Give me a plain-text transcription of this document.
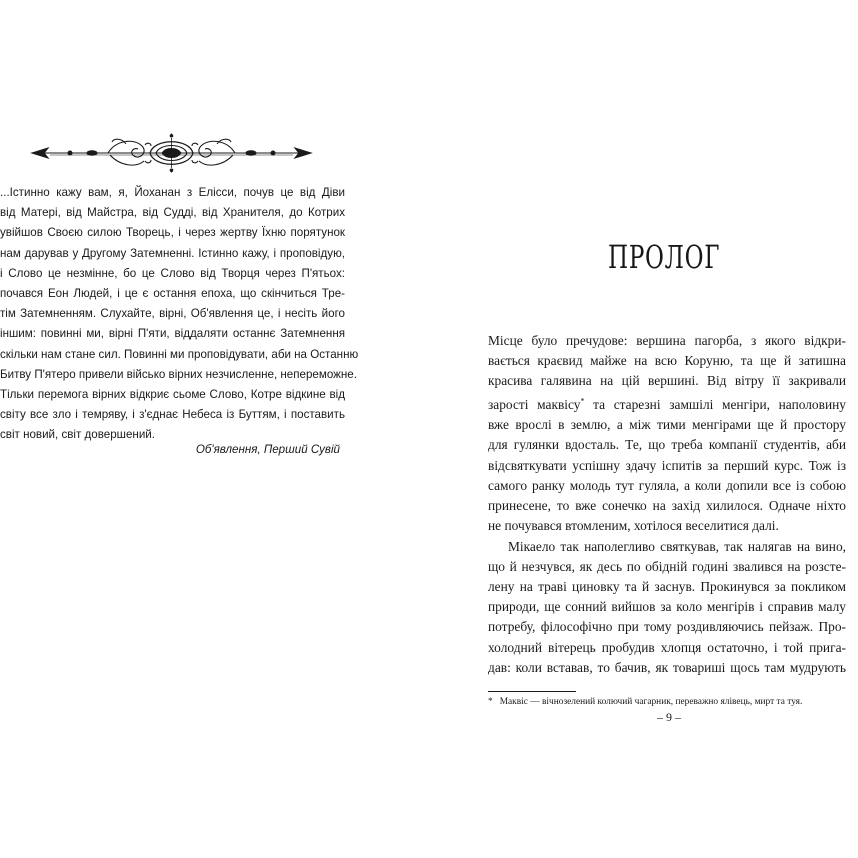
...Істинно кажу вам, я, Йоханан з Елісси, почув це від Діви
від Матері, від Майстра, від Судді, від Хранителя, до Котрих
увійшов Своєю силою Творець, і через жертву Їхню порятунок
нам дарував у Другому Затемненні. Істинно кажу, і проповідую,
і Слово це незмінне, бо це Слово від Творця через П'ятьох:
почався Еон Людей, і це є остання епоха, що скінчиться Тре-
тім Затемненням. Слухайте, вірні, Об'явлення це, і несіть його
іншим: повинні ми, вірні П'яти, віддаляти останнє Затемнення
скільки нам стане сил. Повинні ми проповідувати, аби на Останню
Битву П'ятеро привели військо вірних незчисленне, непереможне.
Тільки перемога вірних відкриє сьоме Слово, Котре відкине від
світу все зло і темряву, і з'єднає Небеса із Буттям, і поставить
світ новий, світ довершений.

Об'явлення, Перший Сувій
ПРОЛОГ
Місце було пречудове: вершина пагорба, з якого відкри-
вається краєвид майже на всю Коруню, та ще й затишна
красива галявина на цій вершині. Від вітру її закривали
зарості маквісу* та старезні замшілі менгіри, наполовину
вже врослі в землю, а між тими менгірами ще й простору
для гулянки вдосталь. Те, що треба компанії студентів, аби
відсвяткувати успішну здачу іспитів за перший курс. Тож із
самого ранку молодь тут гуляла, а коли допили все із собою
принесене, то вже сонечко на захід хилилося. Одначе ніхто
не почувався втомленим, хотілося веселитися далі.
Мікаело так наполегливо святкував, так налягав на вино,
що й незчувся, як десь по обідній годині звалився на розсте-
лену на траві циновку та й заснув. Прокинувся за покликом
природи, ще сонний вийшов за коло менгірів і справив малу
потребу, філософічно при тому роздивляючись пейзаж. Про-
холодний вітерець пробудив хлопця остаточно, і той прига-
дав: коли вставав, то бачив, як товариші щось там мудрують
* Маквіс — вічнозелений колючий чагарник, переважно ялівець, мирт та туя.
– 9 –
